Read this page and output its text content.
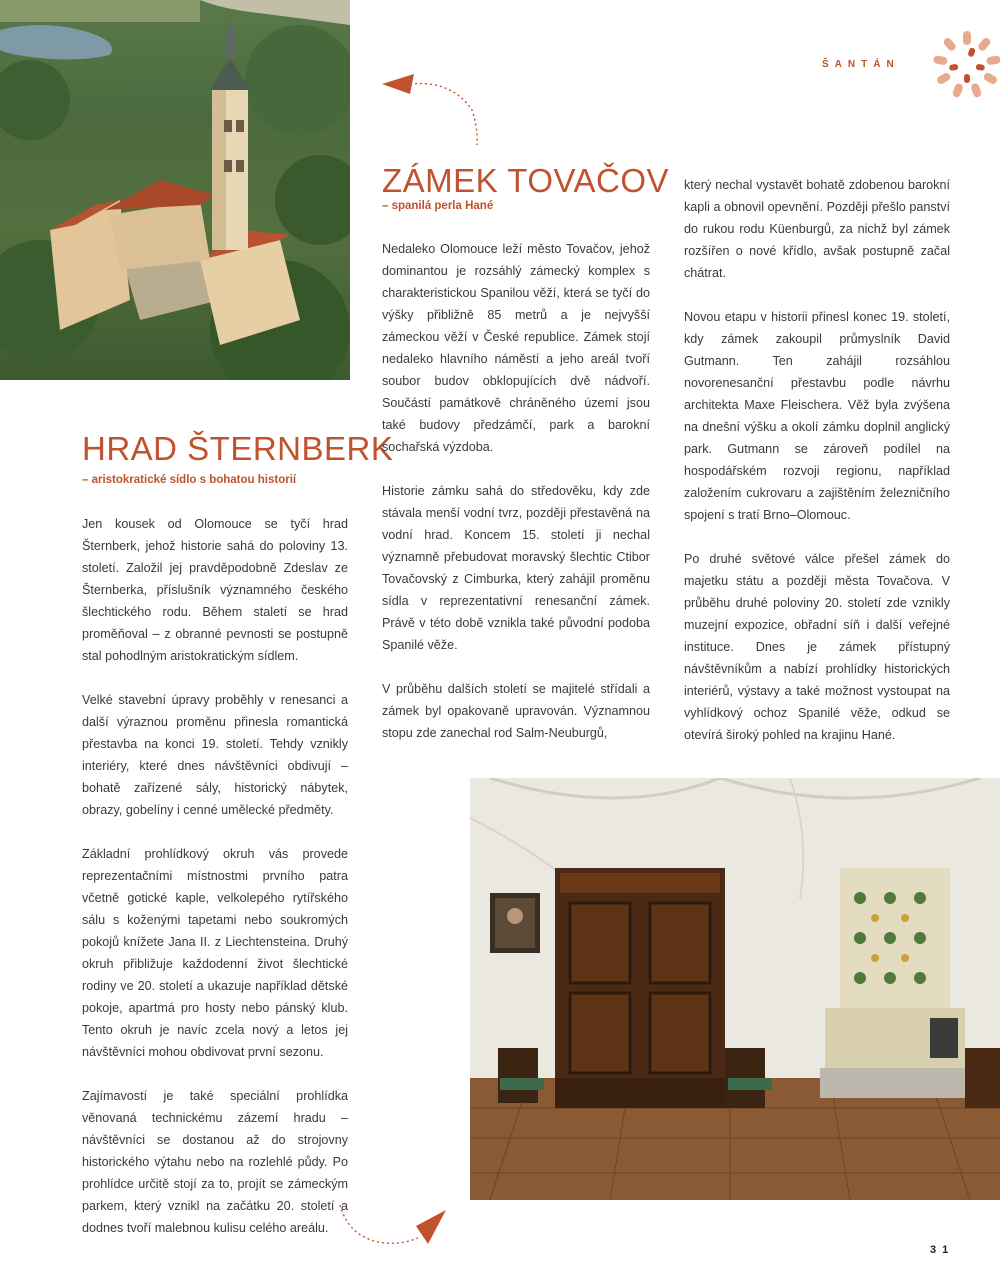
ŠANTÁN
HRAD ŠTERNBERK
– aristokratické sídlo s bohatou historií

Jen kousek od Olomouce se tyčí hrad Šternberk, jehož historie sahá do poloviny 13. století. Založil jej pravděpodobně Zdeslav ze Šternberka, příslušník významného českého šlechtického rodu. Během staletí se hrad proměňoval – z obranné pevnosti se postupně stal pohodlným aristokratickým sídlem.

Velké stavební úpravy proběhly v renesanci a další výraznou proměnu přinesla romantická přestavba na konci 19. století. Tehdy vznikly interiéry, které dnes návštěvníci obdivují – bohatě zařízené sály, historický nábytek, obrazy, gobelíny i cenné umělecké předměty.

Základní prohlídkový okruh vás provede reprezentačními místnostmi prvního patra včetně gotické kaple, velkolepého rytířského sálu s koženými tapetami nebo soukromých pokojů knížete Jana II. z Liechtensteina. Druhý okruh přibližuje každodenní život šlechtické rodiny ve 20. století a ukazuje například dětské pokoje, apartmá pro hosty nebo pánský klub. Tento okruh je navíc zcela nový a letos jej návštěvníci mohou obdivovat první sezonu.

Zajímavostí je také speciální prohlídka věnovaná technickému zázemí hradu – návštěvníci se dostanou až do strojovny historického výtahu nebo na rozlehlé půdy. Po prohlídce určitě stojí za to, projít se zámeckým parkem, který vznikl na začátku 20. století a dodnes tvoří malebnou kulisu celého areálu.

ZÁMEK TOVAČOV
– spanilá perla Hané

Nedaleko Olomouce leží město Tovačov, jehož dominantou je rozsáhlý zámecký komplex s charakteristickou Spanilou věží, která se tyčí do výšky přibližně 85 metrů a je nejvyšší zámeckou věží v České republice. Zámek stojí nedaleko hlavního náměstí a jeho areál tvoří soubor budov obklopujících dvě nádvoří. Součástí památkově chráněného území jsou také budovy předzámčí, park a barokní sochařská výzdoba.

Historie zámku sahá do středověku, kdy zde stávala menší vodní tvrz, později přestavěná na vodní hrad. Koncem 15. století ji nechal významně přebudovat moravský šlechtic Ctibor Tovačovský z Cimburka, který zahájil proměnu sídla v reprezentativní renesanční zámek. Právě v této době vznikla také původní podoba Spanilé věže.

V průběhu dalších století se majitelé střídali a zámek byl opakovaně upravován. Významnou stopu zde zanechal rod Salm-Neuburgů,

který nechal vystavět bohatě zdobenou barokní kapli a obnovil opevnění. Později přešlo panství do rukou rodu Küenburgů, za nichž byl zámek rozšířen o nové křídlo, avšak postupně začal chátrat.

Novou etapu v historii přinesl konec 19. století, kdy zámek zakoupil průmyslník David Gutmann. Ten zahájil rozsáhlou novorenesanční přestavbu podle návrhu architekta Maxe Fleischera. Věž byla zvýšena na dnešní výšku a okolí zámku doplnil anglický park. Gutmann se zároveň podílel na hospodářském rozvoji regionu, například založením cukrovaru a zajištěním železničního spojení s tratí Brno–Olomouc.

Po druhé světové válce přešel zámek do majetku státu a později města Tovačova. V průběhu druhé poloviny 20. století zde vznikly muzejní expozice, obřadní síň i další veřejné instituce. Dnes je zámek přístupný návštěvníkům a nabízí prohlídky historických interiérů, výstavy a také možnost vystoupat na vyhlídkový ochoz Spanilé věže, odkud se otevírá široký pohled na krajinu Hané.

31
